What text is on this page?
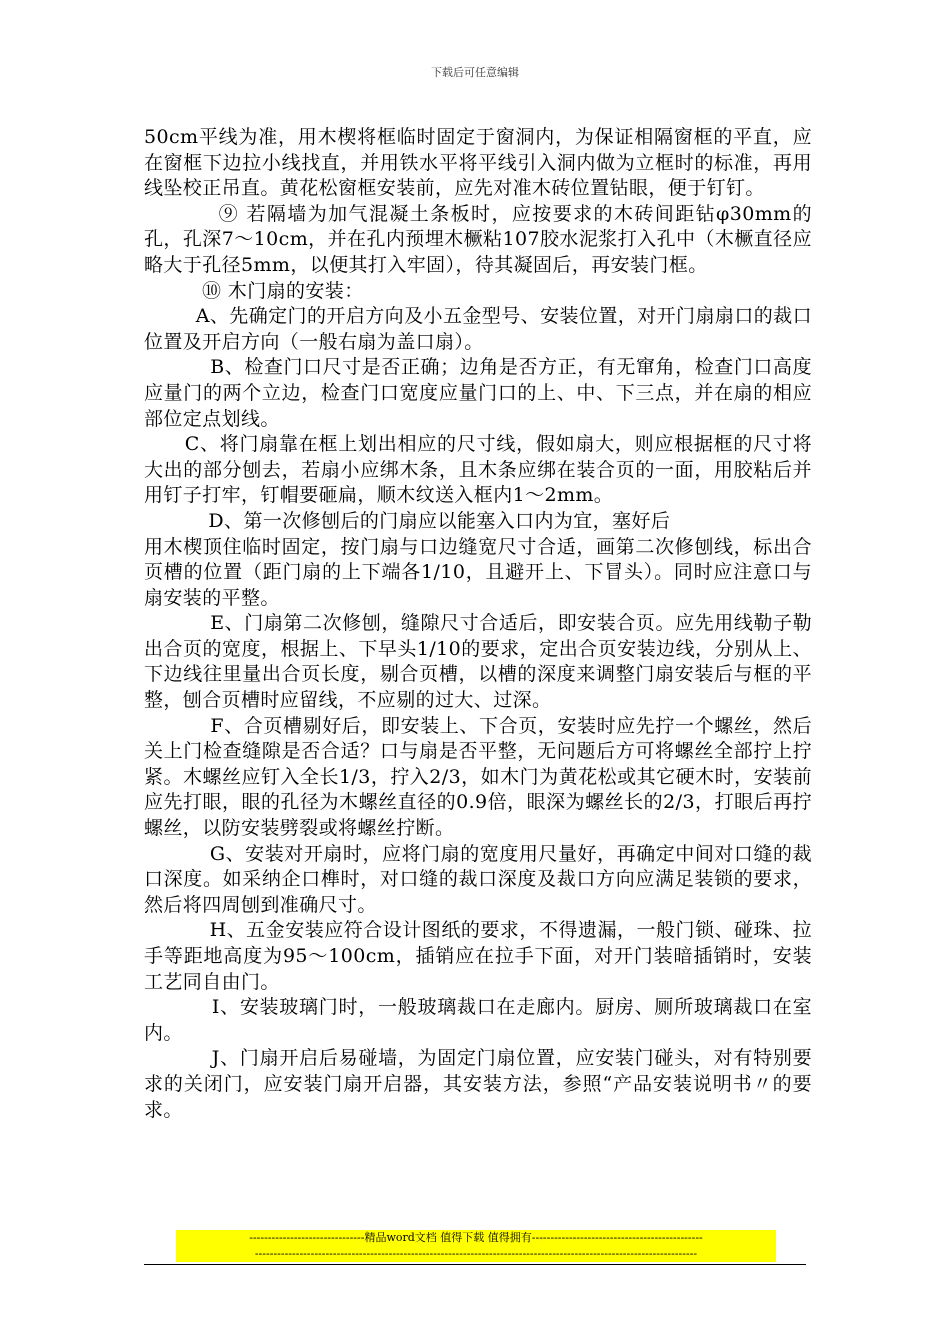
下载后可任意编辑

50cm平线为准，用木楔将框临时固定于窗洞内，为保证相隔窗框的平直，应在窗框下边拉小线找直，并用铁水平将平线引入洞内做为立框时的标准，再用线坠校正吊直。黄花松窗框安装前，应先对准木砖位置钻眼，便于钉钉。

⑨ 若隔墙为加气混凝土条板时，应按要求的木砖间距钻φ30mm的孔，孔深7～10cm，并在孔内预埋木橛粘107胶水泥浆打入孔中（木橛直径应略大于孔径5mm，以便其打入牢固），待其凝固后，再安装门框。

⑩ 木门扇的安装：

A、先确定门的开启方向及小五金型号、安装位置，对开门扇扇口的裁口位置及开启方向（一般右扇为盖口扇）。

B、检查门口尺寸是否正确；边角是否方正，有无窜角，检查门口高度应量门的两个立边，检查门口宽度应量门口的上、中、下三点，并在扇的相应部位定点划线。

C、将门扇靠在框上划出相应的尺寸线，假如扇大，则应根据框的尺寸将大出的部分刨去，若扇小应绑木条，且木条应绑在装合页的一面，用胶粘后并用钉子打牢，钉帽要砸扁，顺木纹送入框内1～2mm。

D、第一次修刨后的门扇应以能塞入口内为宜，塞好后
用木楔顶住临时固定，按门扇与口边缝宽尺寸合适，画第二次修刨线，标出合页槽的位置（距门扇的上下端各1/10，且避开上、下冒头）。同时应注意口与扇安装的平整。

E、门扇第二次修刨，缝隙尺寸合适后，即安装合页。应先用线勒子勒出合页的宽度，根据上、下早头1/10的要求，定出合页安装边线，分别从上、下边线往里量出合页长度，剔合页槽，以槽的深度来调整门扇安装后与框的平整，刨合页槽时应留线，不应剔的过大、过深。

F、合页槽剔好后，即安装上、下合页，安装时应先拧一个螺丝，然后关上门检查缝隙是否合适？口与扇是否平整，无问题后方可将螺丝全部拧上拧紧。木螺丝应钉入全长1/3，拧入2/3，如木门为黄花松或其它硬木时，安装前应先打眼，眼的孔径为木螺丝直径的0.9倍，眼深为螺丝长的2/3，打眼后再拧螺丝，以防安装劈裂或将螺丝拧断。

G、安装对开扇时，应将门扇的宽度用尺量好，再确定中间对口缝的裁口深度。如采纳企口榫时，对口缝的裁口深度及裁口方向应满足装锁的要求，然后将四周刨到准确尺寸。

H、五金安装应符合设计图纸的要求，不得遗漏，一般门锁、碰珠、拉手等距地高度为95～100cm，插销应在拉手下面，对开门装暗插销时，安装工艺同自由门。

I、安装玻璃门时，一般玻璃裁口在走廊内。厨房、厕所玻璃裁口在室内。

J、门扇开启后易碰墙，为固定门扇位置，应安装门碰头，对有特别要求的关闭门，应安装门扇开启器，其安装方法，参照“产品安装说明书〃的要求。

-------------------------------精品word文档 值得下载 值得拥有----------------------------------------------
-----------------------------------------------------------------------------------------------------------------------
